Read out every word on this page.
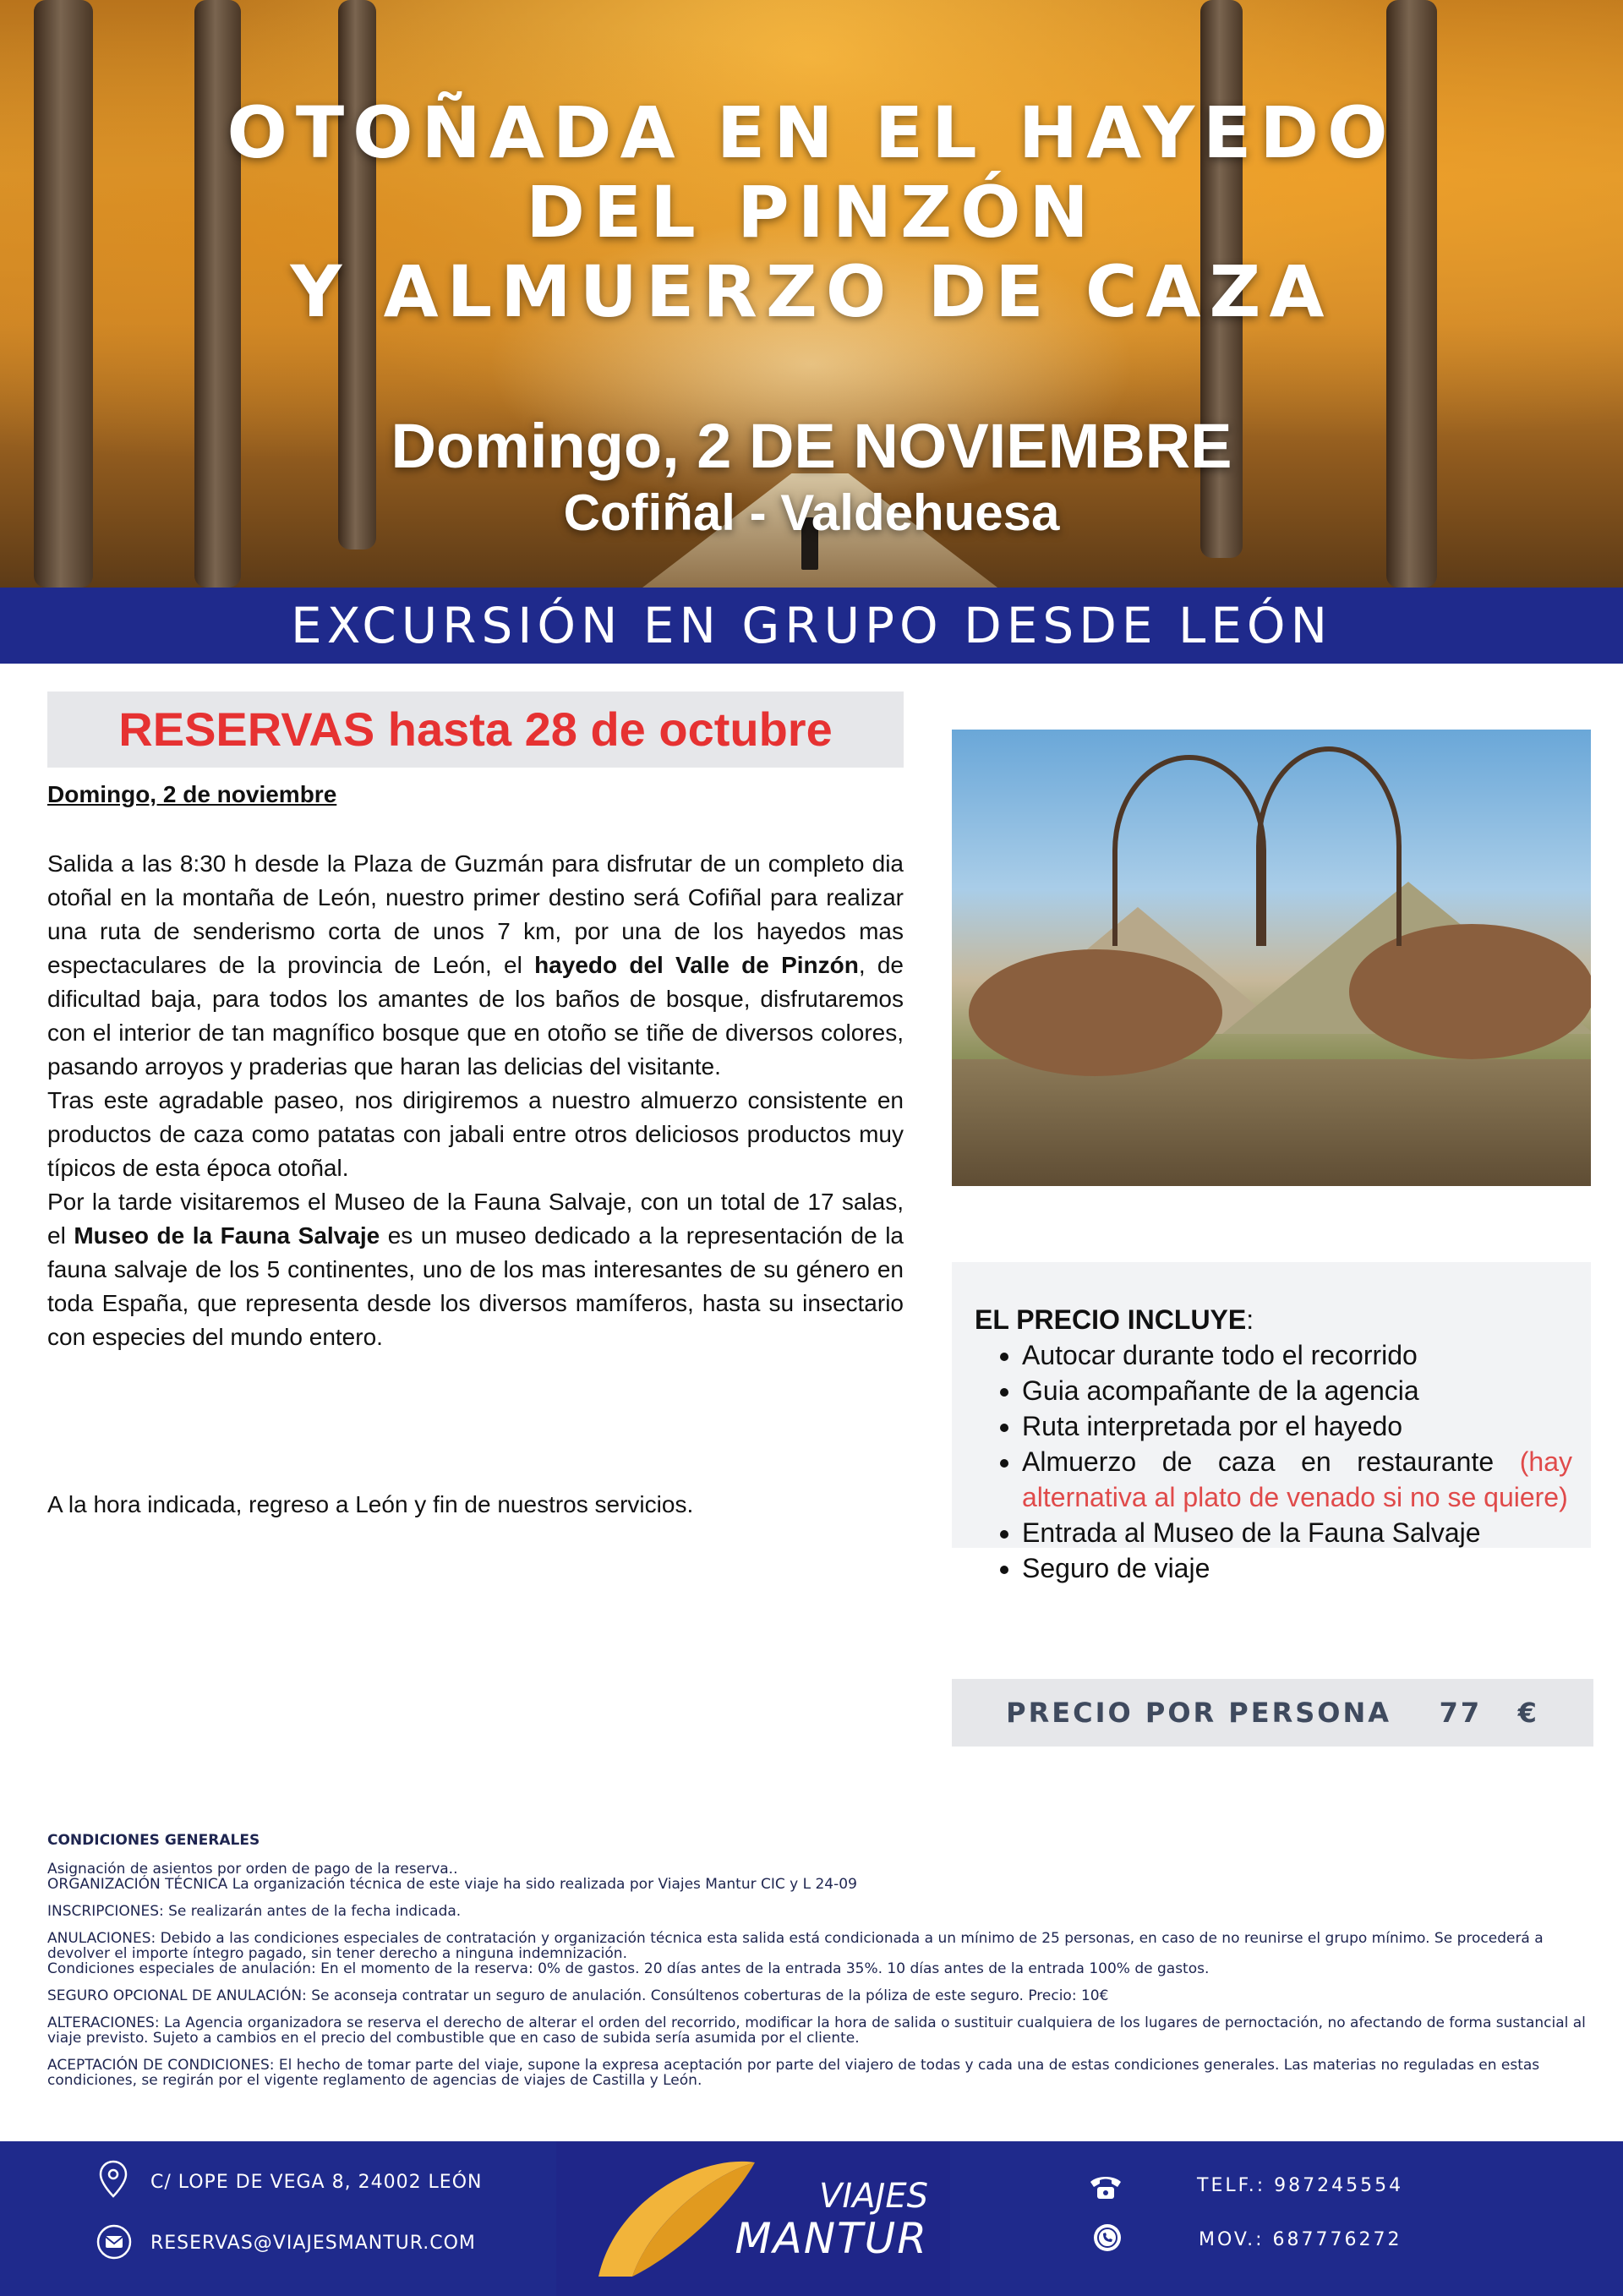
OTOÑADA EN EL HAYEDO
DEL PINZÓN
Y ALMUERZO DE CAZA
Domingo, 2 DE NOVIEMBRE
Cofiñal - Valdehuesa
EXCURSIÓN EN GRUPO DESDE LEÓN
RESERVAS hasta 28 de octubre
Domingo, 2 de noviembre

Salida a las 8:30 h desde la Plaza de Guzmán para disfrutar de un completo dia otoñal en la montaña de León, nuestro primer destino será Cofiñal para realizar una ruta de senderismo corta de unos 7 km, por una de los hayedos mas espectaculares de la provincia de León, el hayedo del Valle de Pinzón, de dificultad baja, para todos los amantes de los baños de bosque, disfrutaremos con el interior de tan magnífico bosque que en otoño se tiñe de diversos colores, pasando arroyos y praderias que haran las delicias del visitante.

Tras este agradable paseo, nos dirigiremos a nuestro almuerzo consistente en productos de caza como patatas con jabali entre otros deliciosos productos muy típicos de esta época otoñal.

Por la tarde visitaremos el Museo de la Fauna Salvaje, con un total de 17 salas, el Museo de la Fauna Salvaje es un museo dedicado a la representación de la fauna salvaje de los 5 continentes, uno de los mas interesantes de su género en toda España, que representa desde los diversos mamíferos, hasta su insectario con especies del mundo entero.

A la hora indicada, regreso a León y fin de nuestros servicios.
EL PRECIO INCLUYE:
• Autocar durante todo el recorrido
• Guia acompañante de la agencia
• Ruta interpretada por el hayedo
• Almuerzo de caza en restaurante (hay alternativa al plato de venado si no se quiere)
• Entrada al Museo de la Fauna Salvaje
• Seguro de viaje
PRECIO POR PERSONA 77 €
CONDICIONES GENERALES

Asignación de asientos por orden de pago de la reserva..

ORGANIZACIÓN TÉCNICA La organización técnica de este viaje ha sido realizada por Viajes Mantur CIC y L 24-09

INSCRIPCIONES: Se realizarán antes de la fecha indicada.

ANULACIONES: Debido a las condiciones especiales de contratación y organización técnica esta salida está condicionada a un mínimo de 25 personas, en caso de no reunirse el grupo mínimo. Se procederá a devolver el importe íntegro pagado, sin tener derecho a ninguna indemnización.

Condiciones especiales de anulación: En el momento de la reserva: 0% de gastos. 20 días antes de la entrada 35%. 10 días antes de la entrada 100% de gastos.

SEGURO OPCIONAL DE ANULACIÓN: Se aconseja contratar un seguro de anulación. Consúltenos coberturas de la póliza de este seguro. Precio: 10€

ALTERACIONES: La Agencia organizadora se reserva el derecho de alterar el orden del recorrido, modificar la hora de salida o sustituir cualquiera de los lugares de pernoctación, no afectando de forma sustancial al viaje previsto. Sujeto a cambios en el precio del combustible que en caso de subida sería asumida por el cliente.

ACEPTACIÓN DE CONDICIONES: El hecho de tomar parte del viaje, supone la expresa aceptación por parte del viajero de todas y cada una de estas condiciones generales. Las materias no reguladas en estas condiciones, se regirán por el vigente reglamento de agencias de viajes de Castilla y León.

C/ LOPE DE VEGA 8, 24002 LEÓN
RESERVAS@VIAJESMANTUR.COM
VIAJES
MANTUR
TELF.: 987245554
MOV.: 687776272
